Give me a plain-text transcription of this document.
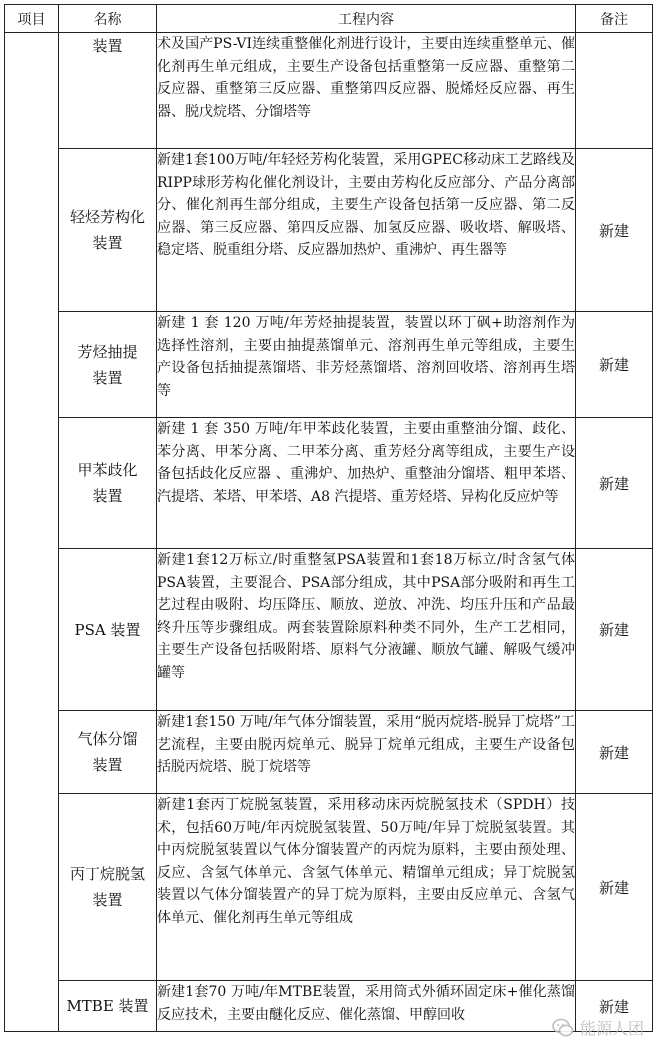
项目	名称	工程内容	备注

	装置	术及国产PS-VI连续重整催化剂进行设计，主要由连续重整单元、催化剂再生单元组成，主要生产设备包括重整第一反应器、重整第二反应器、重整第三反应器、重整第四反应器、脱烯烃反应器、再生器、脱戊烷塔、分馏塔等	

	轻烃芳构化
装置	新建1套100万吨/年轻烃芳构化装置，采用GPEC移动床工艺路线及RIPP球形芳构化催化剂设计，主要由芳构化反应部分、产品分离部分、催化剂再生部分组成，主要生产设备包括第一反应器、第二反应器、第三反应器、第四反应器、加氢反应器、吸收塔、解吸塔、稳定塔、脱重组分塔、反应器加热炉、重沸炉、再生器等	新建

	芳烃抽提
装置	新建 1 套 120 万吨/年芳烃抽提装置，装置以环丁砜+助溶剂作为选择性溶剂，主要由抽提蒸馏单元、溶剂再生单元等组成，主要生产设备包括抽提蒸馏塔、非芳烃蒸馏塔、溶剂回收塔、溶剂再生塔等	新建

	甲苯歧化
装置	新建 1 套 350 万吨/年甲苯歧化装置，主要由重整油分馏、歧化、苯分离、甲苯分离、二甲苯分离、重芳烃分离等组成，主要生产设备包括歧化反应器 、重沸炉、加热炉、重整油分馏塔、粗甲苯塔、汽提塔、苯塔、甲苯塔、A8 汽提塔、重芳烃塔、异构化反应炉等	新建

	PSA 装置	新建1套12万标立/时重整氢PSA装置和1套18万标立/时含氢气体PSA装置，主要混合、PSA部分组成，其中PSA部分吸附和再生工艺过程由吸附、均压降压、顺放、逆放、冲洗、均压升压和产品最终升压等步骤组成。两套装置除原料种类不同外，生产工艺相同，主要生产设备包括吸附塔、原料气分液罐、顺放气罐、解吸气缓冲罐等	新建

	气体分馏
装置	新建1套150 万吨/年气体分馏装置，采用“脱丙烷塔-脱异丁烷塔”工艺流程，主要由脱丙烷单元、脱异丁烷单元组成，主要生产设备包括脱丙烷塔、脱丁烷塔等	新建

	丙丁烷脱氢
装置	新建1套丙丁烷脱氢装置，采用移动床丙烷脱氢技术（SPDH）技术，包括60万吨/年丙烷脱氢装置、50万吨/年异丁烷脱氢装置。其中丙烷脱氢装置以气体分馏装置产的丙烷为原料，主要由预处理、反应、含氢气体单元、含氢气体单元、精馏单元组成；异丁烷脱氢装置以气体分馏装置产的异丁烷为原料，主要由反应单元、含氢气体单元、催化剂再生单元等组成	新建

	MTBE 装置	新建1套70 万吨/年MTBE装置，采用筒式外循环固定床+催化蒸馏反应技术，主要由醚化反应、催化蒸馏、甲醇回收	新建
能源人团
